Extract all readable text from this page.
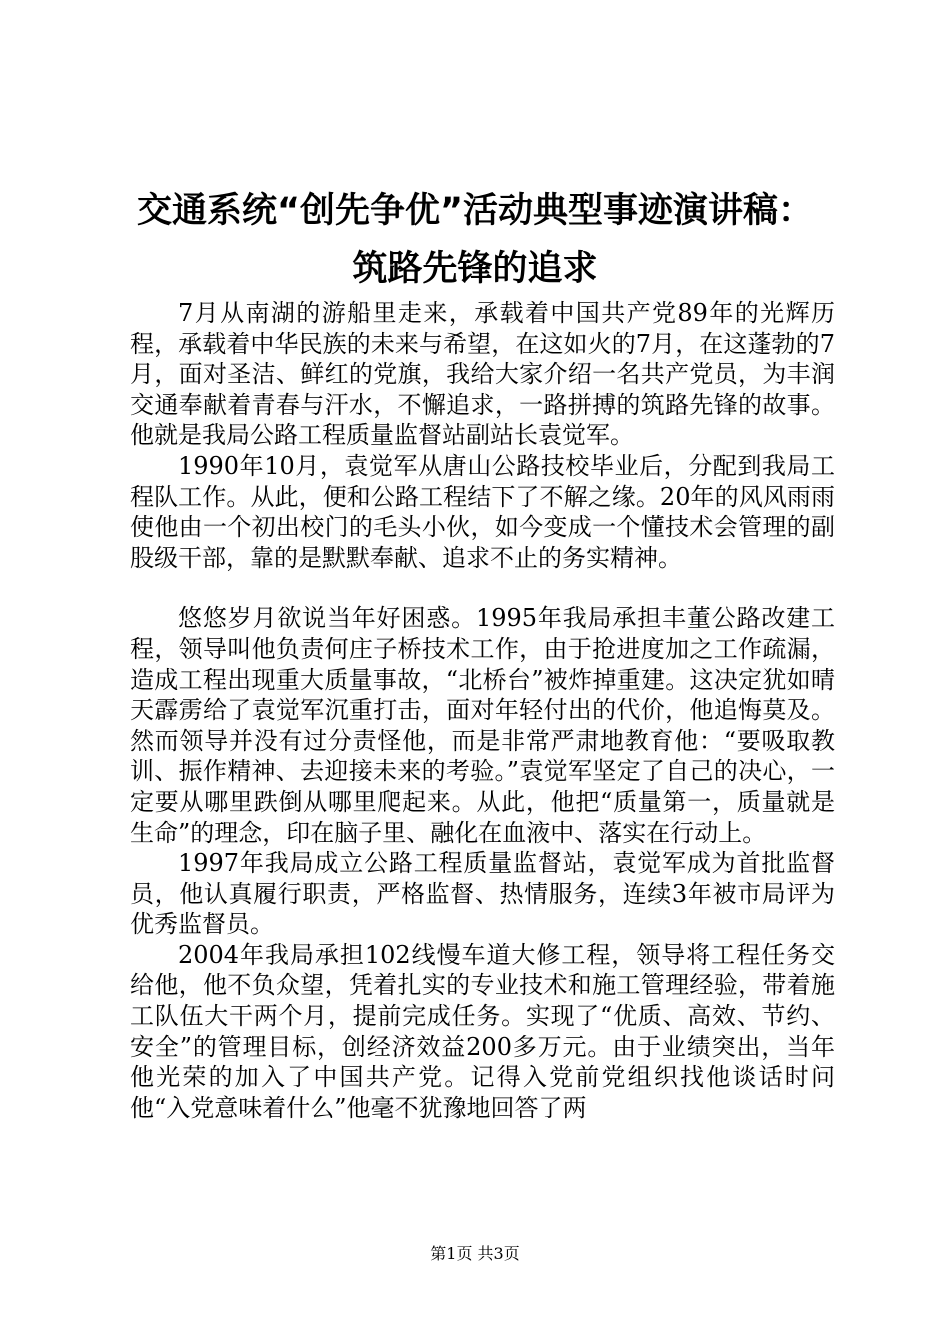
交通系统“创先争优”活动典型事迹演讲稿：
筑路先锋的追求

7月从南湖的游船里走来，承载着中国共产党89年的光辉历程，承载着中华民族的未来与希望，在这如火的7月，在这蓬勃的7月，面对圣洁、鲜红的党旗，我给大家介绍一名共产党员，为丰润交通奉献着青春与汗水，不懈追求，一路拼搏的筑路先锋的故事。他就是我局公路工程质量监督站副站长袁觉军。

1990年10月，袁觉军从唐山公路技校毕业后，分配到我局工程队工作。从此，便和公路工程结下了不解之缘。20年的风风雨雨使他由一个初出校门的毛头小伙，如今变成一个懂技术会管理的副股级干部，靠的是默默奉献、追求不止的务实精神。

悠悠岁月欲说当年好困惑。1995年我局承担丰董公路改建工程，领导叫他负责何庄子桥技术工作，由于抢进度加之工作疏漏，造成工程出现重大质量事故，“北桥台”被炸掉重建。这决定犹如晴天霹雳给了袁觉军沉重打击，面对年轻付出的代价，他追悔莫及。然而领导并没有过分责怪他，而是非常严肃地教育他：“要吸取教训、振作精神、去迎接未来的考验。”袁觉军坚定了自己的决心，一定要从哪里跌倒从哪里爬起来。从此，他把“质量第一，质量就是生命”的理念，印在脑子里、融化在血液中、落实在行动上。

1997年我局成立公路工程质量监督站，袁觉军成为首批监督员，他认真履行职责，严格监督、热情服务，连续3年被市局评为优秀监督员。

2004年我局承担102线慢车道大修工程，领导将工程任务交给他，他不负众望，凭着扎实的专业技术和施工管理经验，带着施工队伍大干两个月，提前完成任务。实现了“优质、高效、节约、安全”的管理目标，创经济效益200多万元。由于业绩突出，当年他光荣的加入了中国共产党。记得入党前党组织找他谈话时问他“入党意味着什么”他毫不犹豫地回答了两

第1页 共3页
